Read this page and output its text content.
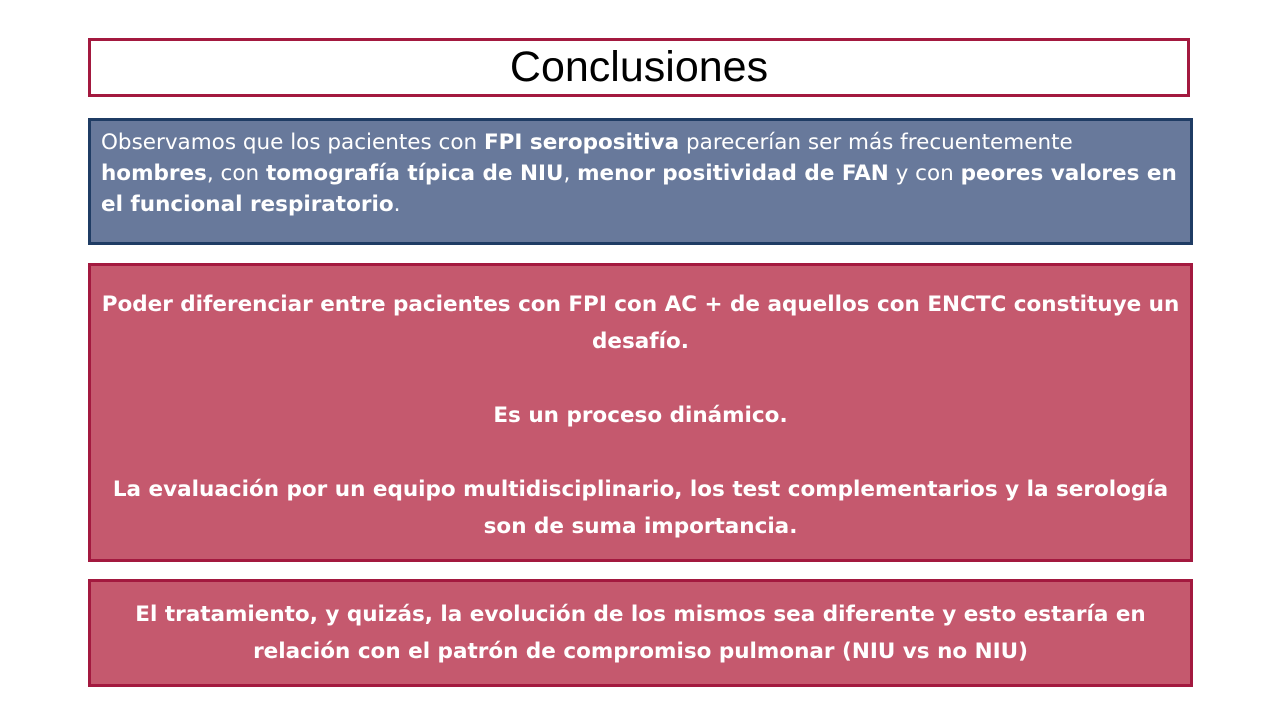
Conclusiones
Observamos que los pacientes con FPI seropositiva parecerían ser más frecuentemente hombres, con tomografía típica de NIU, menor positividad de FAN y con peores valores en el funcional respiratorio.

Poder diferenciar entre pacientes con FPI con AC + de aquellos con ENCTC constituye un desafío.

Es un proceso dinámico.

La evaluación por un equipo multidisciplinario, los test complementarios y la serología son de suma importancia.

El tratamiento, y quizás, la evolución de los mismos sea diferente y esto estaría en relación con el patrón de compromiso pulmonar (NIU vs no NIU)
